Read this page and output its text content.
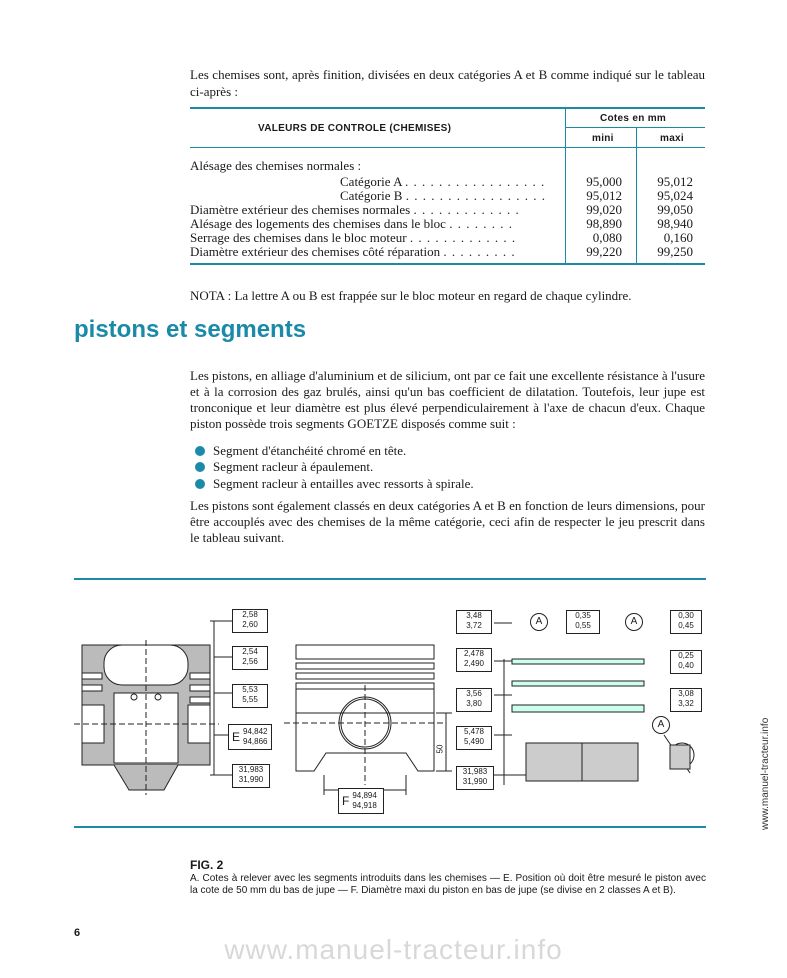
Les chemises sont, après finition, divisées en deux catégories A et B comme indiqué sur le tableau ci-après :
VALEURS DE CONTROLE (CHEMISES)
Cotes en mm
mini	maxi
Alésage des chemises normales :
Catégorie A . . . . . . . . . . . . . . . . .	95,000	95,012
Catégorie B . . . . . . . . . . . . . . . . .	95,012	95,024
Diamètre extérieur des chemises normales . . . . . . . . . . . . .	99,020	99,050
Alésage des logements des chemises dans le bloc . . . . . . . .	98,890	98,940
Serrage des chemises dans le bloc moteur . . . . . . . . . . . . .	0,080	0,160
Diamètre extérieur des chemises côté réparation . . . . . . . . .	99,220	99,250
NOTA : La lettre A ou B est frappée sur le bloc moteur en regard de chaque cylindre.
pistons et segments
Les pistons, en alliage d'aluminium et de silicium, ont par ce fait une excellente résistance à l'usure et à la corrosion des gaz brulés, ainsi qu'un bas coefficient de dilatation. Toutefois, leur jupe est tronconique et leur diamètre est plus élevé perpendiculairement à l'axe de chacun d'eux. Chaque piston possède trois segments GOETZE disposés comme suit :
Segment d'étanchéité chromé en tête.
Segment racleur à épaulement.
Segment racleur à entailles avec ressorts à spirale.
Les pistons sont également classés en deux catégories A et B en fonction de leurs dimensions, pour être accouplés avec des chemises de la même catégorie, ceci afin de respecter le jeu prescrit dans le tableau suivant.
2,58
2,60
2,54
2,56
5,53
5,55
E 94,842
94,866
31,983
31,990
F 94,894
94,918
50
3,48
3,72
2,478
2,490
3,56
3,80
5,478
5,490
31,983
31,990
A
0,35
0,55	A
0,30
0,45
0,25
0,40
3,08
3,32
A
FIG. 2
A. Cotes à relever avec les segments introduits dans les chemises — E. Position où doit être mesuré le piston avec la cote de 50 mm du bas de jupe — F. Diamètre maxi du piston en bas de jupe (se divise en 2 classes A et B).
6
www.manuel-tracteur.info
www.manuel-tracteur.info
